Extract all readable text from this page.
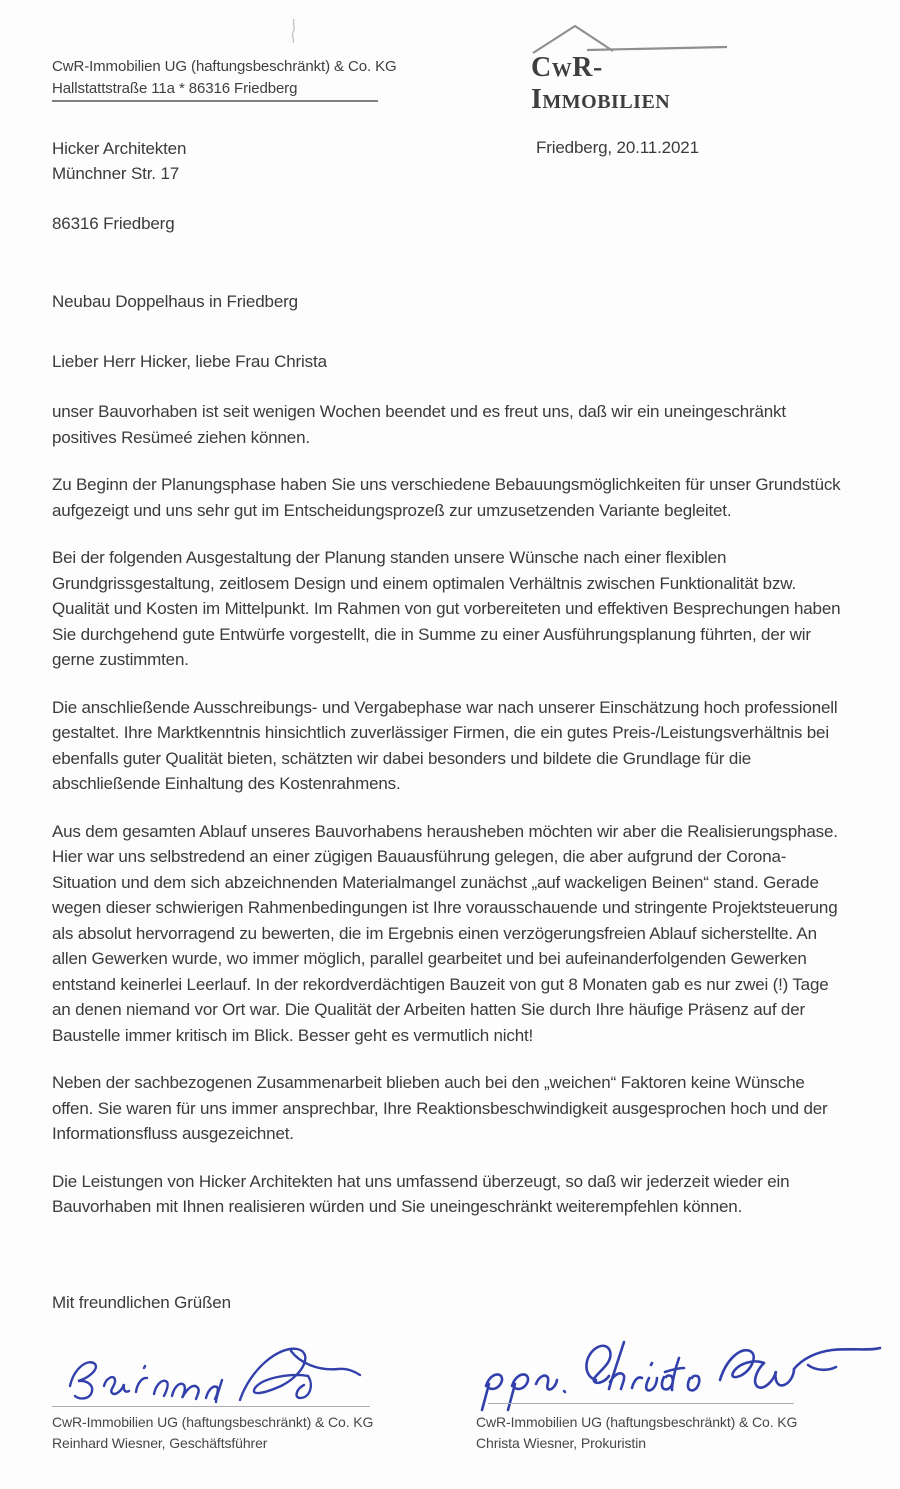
CwR-Immobilien UG (haftungsbeschränkt) & Co. KG
Hallstattstraße 11a * 86316 Friedberg
CwR-Immobilien
Hicker Architekten
Münchner Str. 17
86316 Friedberg
Friedberg, 20.11.2021
Neubau Doppelhaus in Friedberg
Lieber Herr Hicker, liebe Frau Christa

unser Bauvorhaben ist seit wenigen Wochen beendet und es freut uns, daß wir ein uneingeschränkt positives Resümeé ziehen können.

Zu Beginn der Planungsphase haben Sie uns verschiedene Bebauungsmöglichkeiten für unser Grundstück aufgezeigt und uns sehr gut im Entscheidungsprozeß zur umzusetzenden Variante begleitet.

Bei der folgenden Ausgestaltung der Planung standen unsere Wünsche nach einer flexiblen Grundgrissgestaltung, zeitlosem Design und einem optimalen Verhältnis zwischen Funktionalität bzw. Qualität und Kosten im Mittelpunkt. Im Rahmen von gut vorbereiteten und effektiven Besprechungen haben Sie durchgehend gute Entwürfe vorgestellt, die in Summe zu einer Ausführungsplanung führten, der wir gerne zustimmten.

Die anschließende Ausschreibungs- und Vergabephase war nach unserer Einschätzung hoch professionell gestaltet. Ihre Marktkenntnis hinsichtlich zuverlässiger Firmen, die ein gutes Preis-/Leistungsverhältnis bei ebenfalls guter Qualität bieten, schätzten wir dabei besonders und bildete die Grundlage für die abschließende Einhaltung des Kostenrahmens.

Aus dem gesamten Ablauf unseres Bauvorhabens herausheben möchten wir aber die Realisierungsphase. Hier war uns selbstredend an einer zügigen Bauausführung gelegen, die aber aufgrund der Corona-Situation und dem sich abzeichnenden Materialmangel zunächst „auf wackeligen Beinen“ stand. Gerade wegen dieser schwierigen Rahmenbedingungen ist Ihre vorausschauende und stringente Projektsteuerung als absolut hervorragend zu bewerten, die im Ergebnis einen verzögerungsfreien Ablauf sicherstellte. An allen Gewerken wurde, wo immer möglich, parallel gearbeitet und bei aufeinanderfolgenden Gewerken entstand keinerlei Leerlauf. In der rekordverdächtigen Bauzeit von gut 8 Monaten gab es nur zwei (!) Tage an denen niemand vor Ort war. Die Qualität der Arbeiten hatten Sie durch Ihre häufige Präsenz auf der Baustelle immer kritisch im Blick. Besser geht es vermutlich nicht!

Neben der sachbezogenen Zusammenarbeit blieben auch bei den „weichen“ Faktoren keine Wünsche offen. Sie waren für uns immer ansprechbar, Ihre Reaktionsbeschwindigkeit ausgesprochen hoch und der Informationsfluss ausgezeichnet.

Die Leistungen von Hicker Architekten hat uns umfassend überzeugt, so daß wir jederzeit wieder ein Bauvorhaben mit Ihnen realisieren würden und Sie uneingeschränkt weiterempfehlen können.

Mit freundlichen Grüßen
CwR-Immobilien UG (haftungsbeschränkt) & Co. KG
Reinhard Wiesner, Geschäftsführer
CwR-Immobilien UG (haftungsbeschränkt) & Co. KG
Christa Wiesner, Prokuristin
